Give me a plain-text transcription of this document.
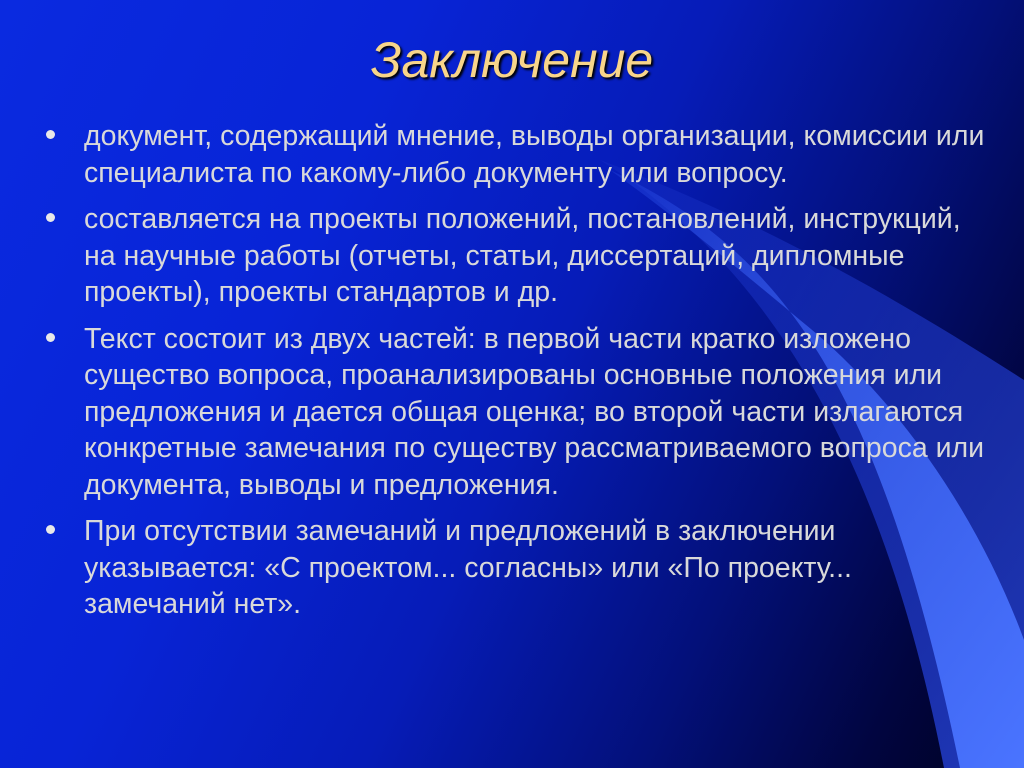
Заключение
документ, содержащий мнение, выводы организации, комиссии или специалиста по какому-либо документу или вопросу.
составляется на проекты положений, постановлений, инструкций, на научные работы (отчеты, статьи, диссертаций, дипломные проекты), проекты стандартов и др.
Текст состоит из двух частей: в первой части кратко изложено существо вопроса, проанализированы основные положения или предложения и дается общая оценка; во второй части излагаются конкретные замечания по существу рассматриваемого вопроса или документа, выводы и предложения.
При отсутствии замечаний и предложений в заключении указывается: «С проектом... согласны» или «По проекту... замечаний нет».
